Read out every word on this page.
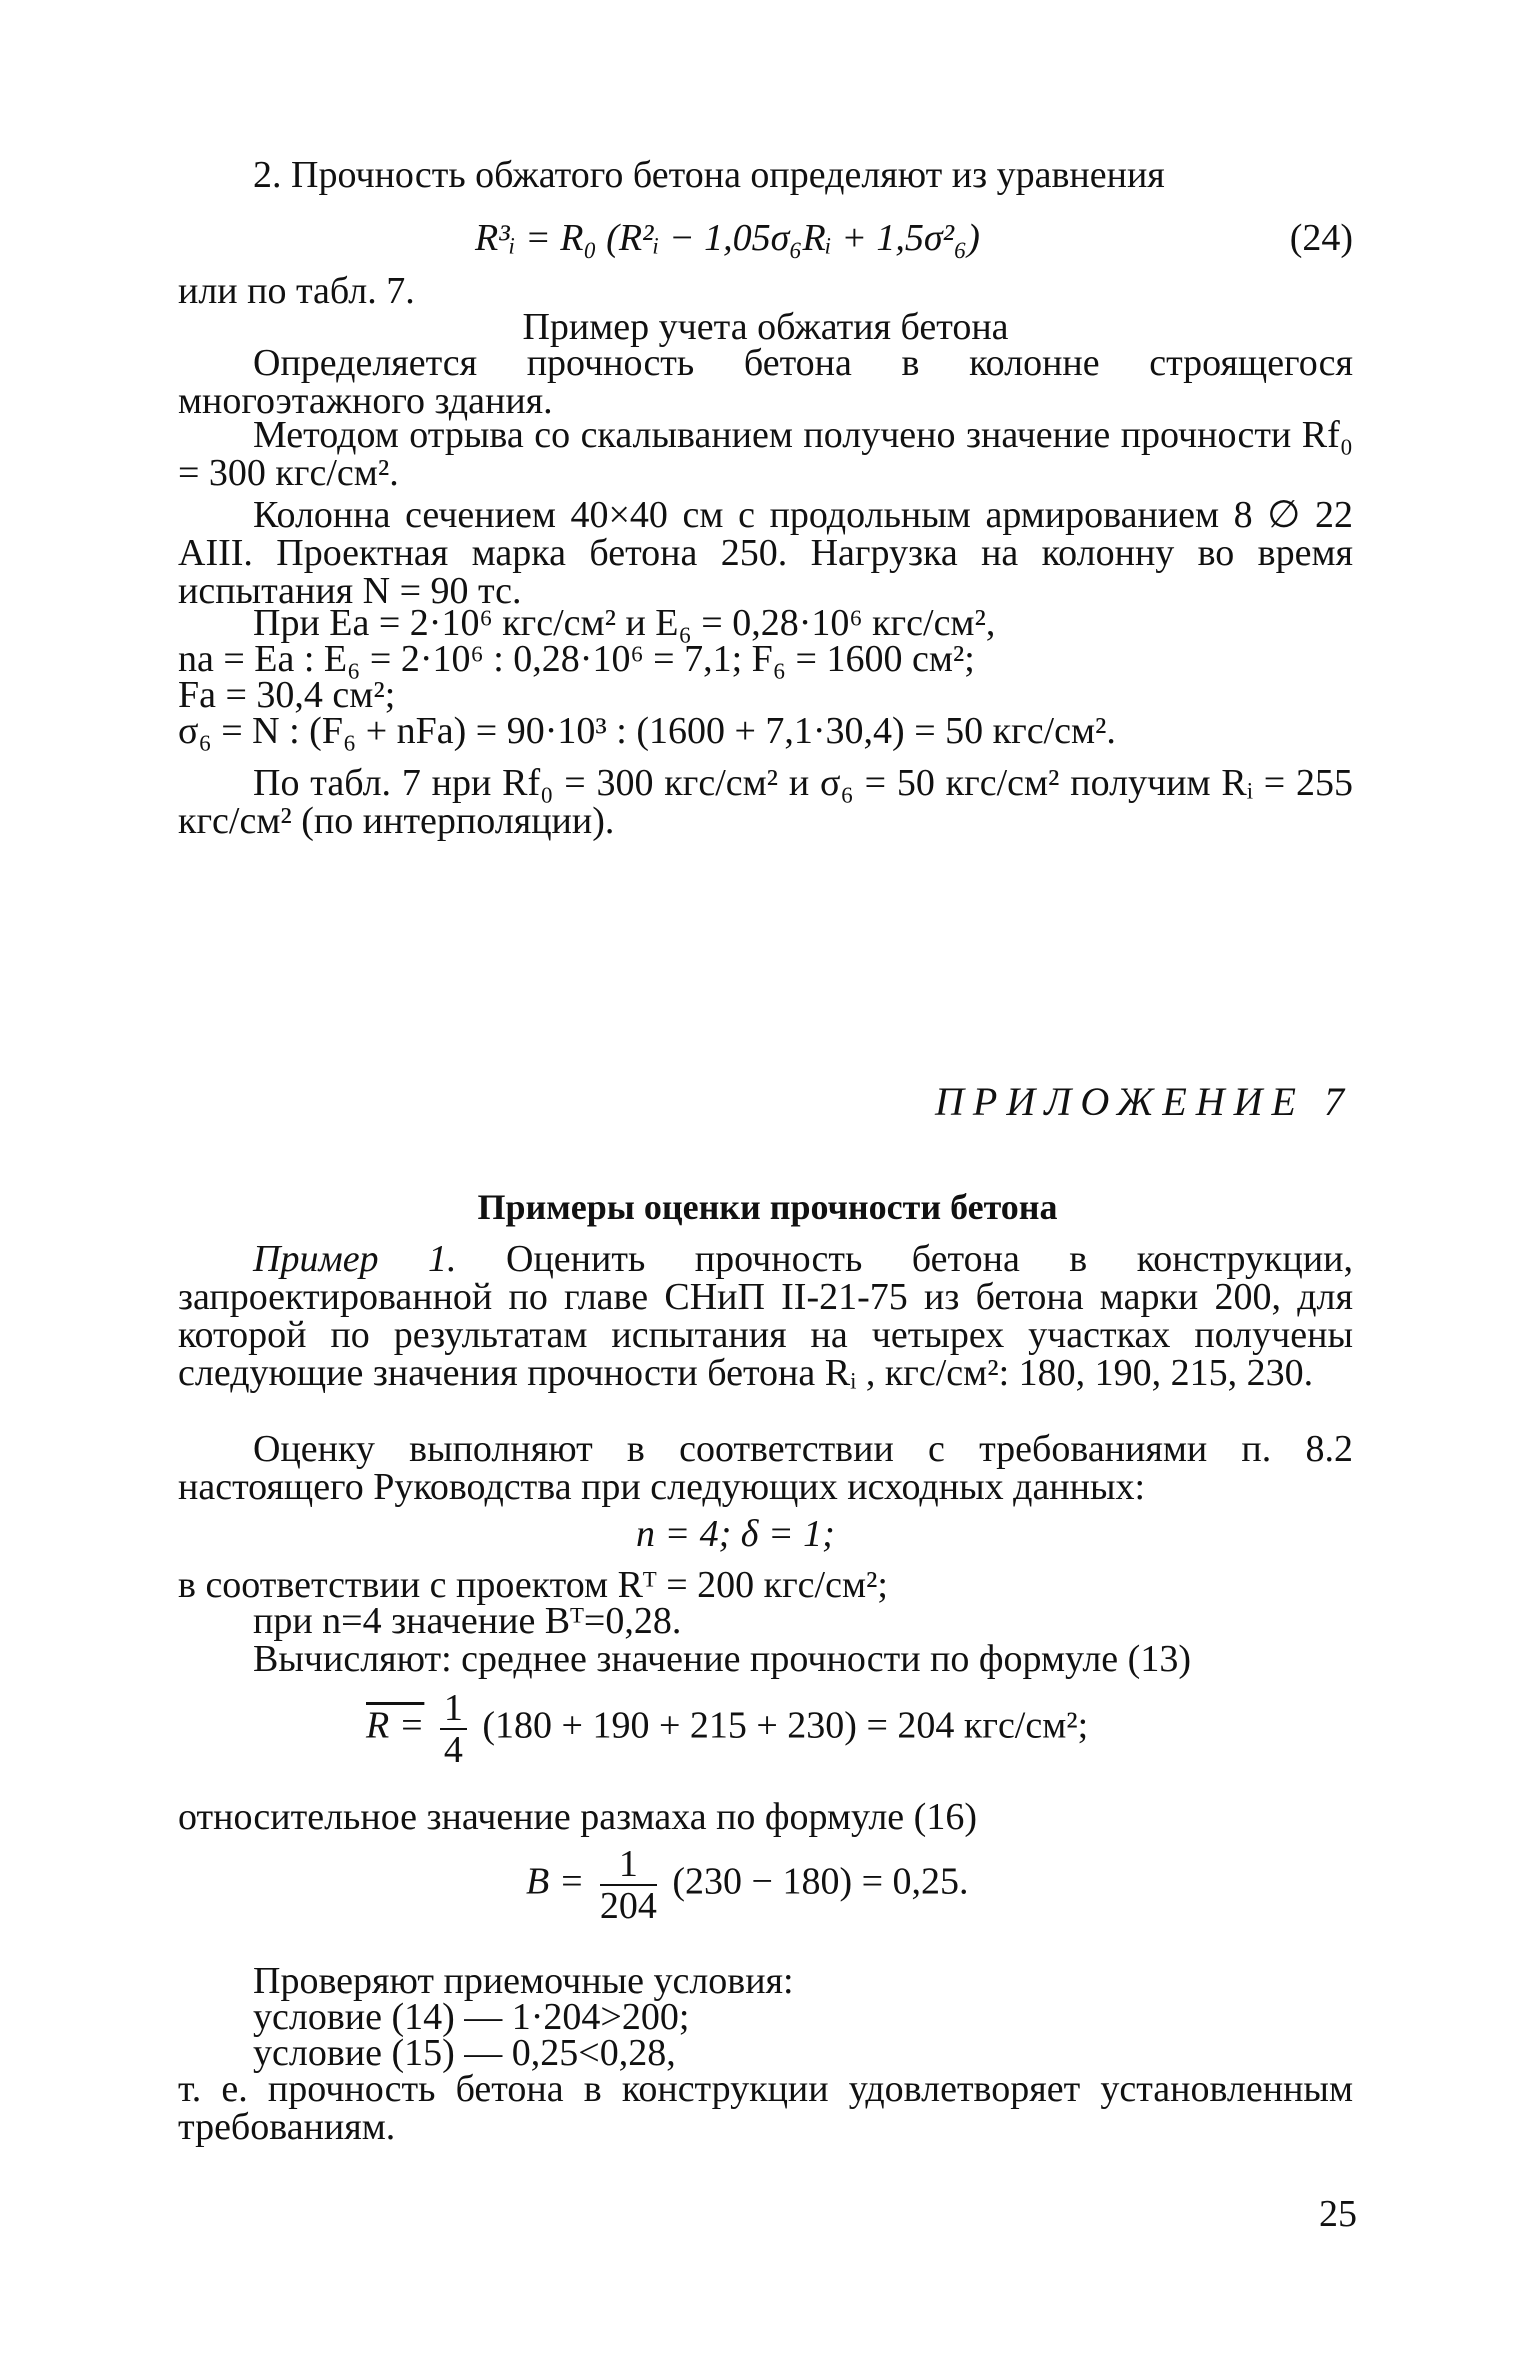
2. Прочность обжатого бетона определяют из уравнения

R³ᵢ = R₀ (R²ᵢ − 1,05σ₆Rᵢ + 1,5σ²₆)	(24)

или по табл. 7.

Пример учета обжатия бетона

Определяется прочность бетона в колонне строящегося многоэтажного здания.

Методом отрыва со скалыванием получено значение прочности Rf₀ = 300 кгс/см².

Колонна сечением 40×40 см с продольным армированием 8 ∅ 22 AIII. Проектная марка бетона 250. Нагрузка на колонну во время испытания N = 90 тс.

При Eа = 2·10⁶ кгс/см² и E₆ = 0,28·10⁶ кгс/см²,
nа = Eа : E₆ = 2·10⁶ : 0,28·10⁶ = 7,1; F₆ = 1600 см²;
Fа = 30,4 см²;
σ₆ = N : (F₆ + nFа) = 90·10³ : (1600 + 7,1·30,4) = 50 кгс/см².

По табл. 7 нри Rf₀ = 300 кгс/см² и σ₆ = 50 кгс/см² получим Rᵢ = 255 кгс/см² (по интерполяции).

ПРИЛОЖЕНИЕ 7
Примеры оценки прочности бетона

Пример 1. Оценить прочность бетона в конструкции, запроектированной по главе СНиП II-21-75 из бетона марки 200, для которой по результатам испытания на четырех участках получены следующие значения прочности бетона Rᵢ , кгс/см²: 180, 190, 215, 230.

Оценку выполняют в соответствии с требованиями п. 8.2 настоящего Руководства при следующих исходных данных:

n = 4; δ = 1;
в соответствии с проектом Rᵀ = 200 кгс/см²;
при n=4 значение Bᵀ=0,28.
Вычисляют: среднее значение прочности по формуле (13)
$R = \frac{1}{4} (180 + 190 + 215 + 230) = 204$ кгс/см²;
относительное значение размаха по формуле (16)
$B = \frac{1}{204} (230 - 180) = 0,25$.
Проверяют приемочные условия:
условие (14) — 1·204>200;
условие (15) — 0,25<0,28,

т. е. прочность бетона в конструкции удовлетворяет установленным требованиям.

25
